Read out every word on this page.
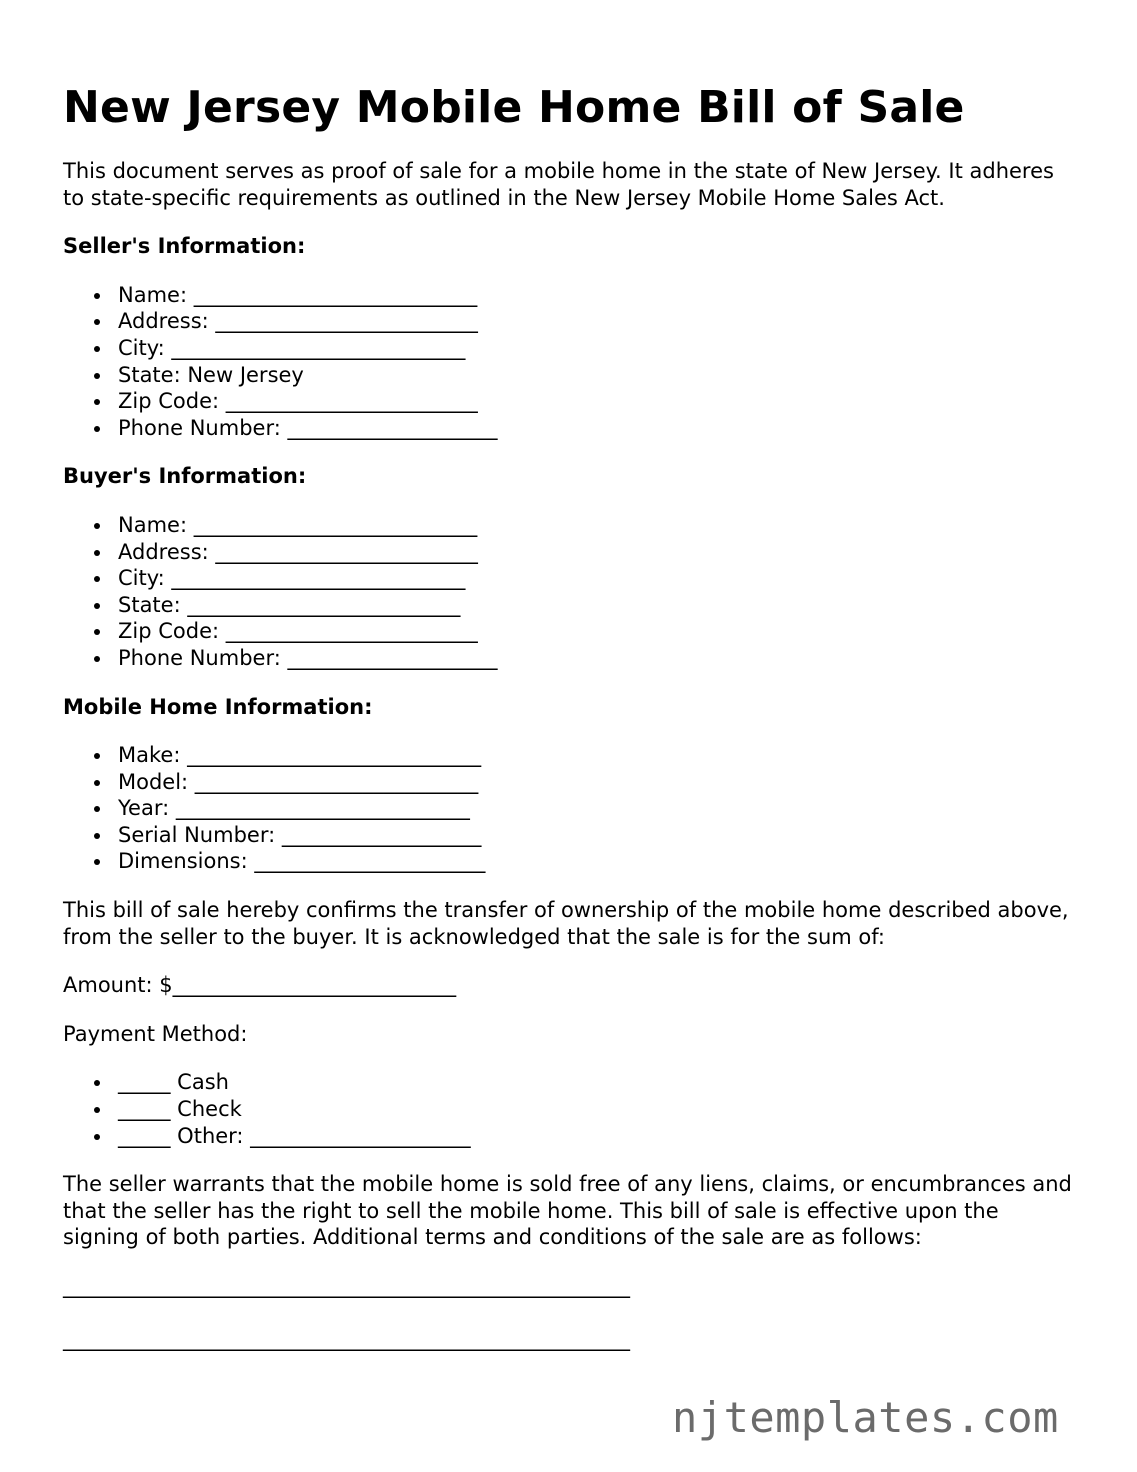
New Jersey Mobile Home Bill of Sale

This document serves as proof of sale for a mobile home in the state of New Jersey. It adheres to state-specific requirements as outlined in the New Jersey Mobile Home Sales Act.

Seller's Information:
Name: ___________________________
Address: _________________________
City: ____________________________
State: New Jersey
Zip Code: ________________________
Phone Number: ____________________
Buyer's Information:
Name: ___________________________
Address: _________________________
City: ____________________________
State: __________________________
Zip Code: ________________________
Phone Number: ____________________
Mobile Home Information:
Make: ____________________________
Model: ___________________________
Year: ____________________________
Serial Number: ___________________
Dimensions: ______________________

This bill of sale hereby confirms the transfer of ownership of the mobile home described above, from the seller to the buyer. It is acknowledged that the sale is for the sum of:

Amount: $___________________________

Payment Method:

_____ Cash
_____ Check
_____ Other: _____________________

The seller warrants that the mobile home is sold free of any liens, claims, or encumbrances and that the seller has the right to sell the mobile home. This bill of sale is effective upon the signing of both parties. Additional terms and conditions of the sale are as follows:

______________________________________________________
______________________________________________________
njtemplates.com
